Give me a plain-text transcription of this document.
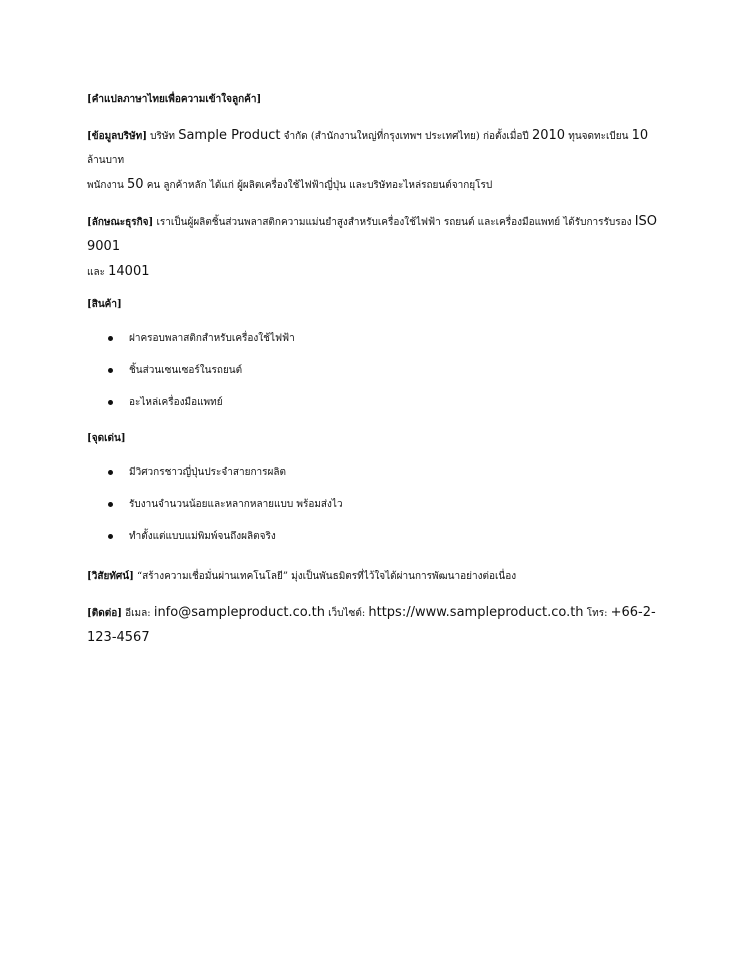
[คำแปลภาษาไทยเพื่อความเข้าใจลูกค้า]

[ข้อมูลบริษัท] บริษัท Sample Product จำกัด (สำนักงานใหญ่ที่กรุงเทพฯ ประเทศไทย) ก่อตั้งเมื่อปี 2010 ทุนจดทะเบียน 10 ล้านบาท
พนักงาน 50 คน ลูกค้าหลัก ได้แก่ ผู้ผลิตเครื่องใช้ไฟฟ้าญี่ปุ่น และบริษัทอะไหล่รถยนต์จากยุโรป

[ลักษณะธุรกิจ] เราเป็นผู้ผลิตชิ้นส่วนพลาสติกความแม่นยำสูงสำหรับเครื่องใช้ไฟฟ้า รถยนต์ และเครื่องมือแพทย์ ได้รับการรับรอง ISO 9001
และ 14001

[สินค้า]

ฝาครอบพลาสติกสำหรับเครื่องใช้ไฟฟ้า
ชิ้นส่วนเซนเซอร์ในรถยนต์
อะไหล่เครื่องมือแพทย์

[จุดเด่น]

มีวิศวกรชาวญี่ปุ่นประจำสายการผลิต
รับงานจำนวนน้อยและหลากหลายแบบ พร้อมส่งไว
ทำตั้งแต่แบบแม่พิมพ์จนถึงผลิตจริง

[วิสัยทัศน์] “สร้างความเชื่อมั่นผ่านเทคโนโลยี” มุ่งเป็นพันธมิตรที่ไว้ใจได้ผ่านการพัฒนาอย่างต่อเนื่อง

[ติดต่อ] อีเมล: info@sampleproduct.co.th เว็บไซต์: https://www.sampleproduct.co.th โทร: +66-2-123-4567
